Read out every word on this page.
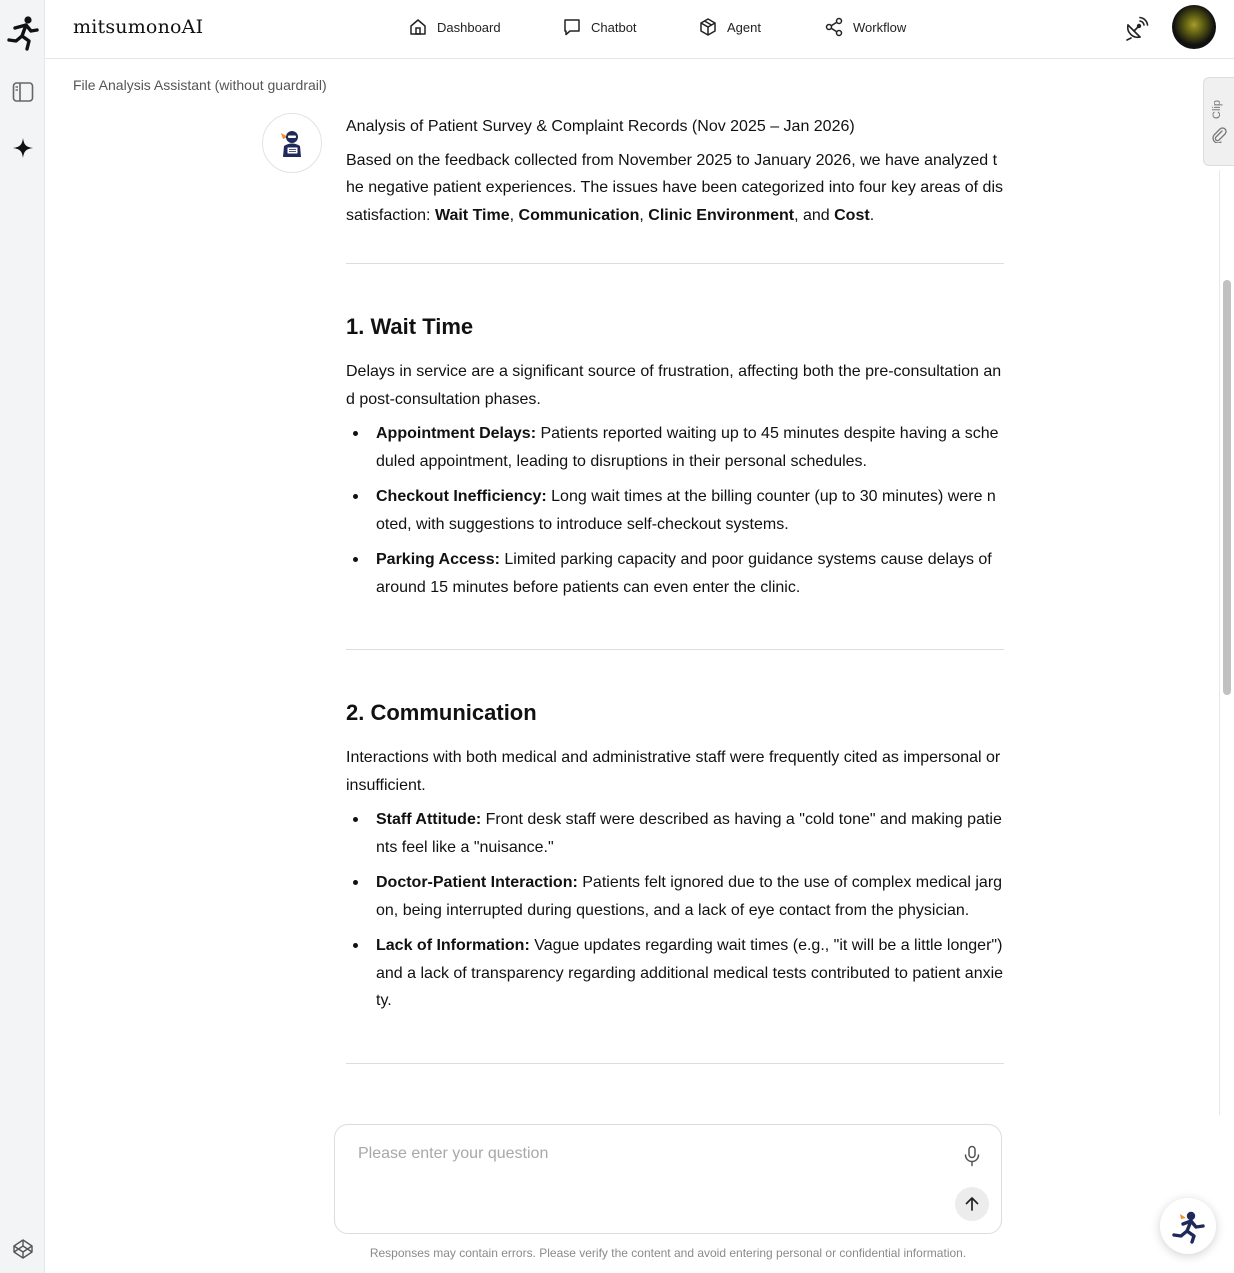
mitsumonoAI	Dashboard	Chatbot	Agent	Workflow
File Analysis Assistant (without guardrail)
Clip

Analysis of Patient Survey & Complaint Records (Nov 2025 – Jan 2026)

Based on the feedback collected from November 2025 to January 2026, we have analyzed the negative patient experiences. The issues have been categorized into four key areas of dissatisfaction: Wait Time, Communication, Clinic Environment, and Cost.

1. Wait Time

Delays in service are a significant source of frustration, affecting both the pre-consultation and post-consultation phases.

Appointment Delays: Patients reported waiting up to 45 minutes despite having a scheduled appointment, leading to disruptions in their personal schedules.
Checkout Inefficiency: Long wait times at the billing counter (up to 30 minutes) were noted, with suggestions to introduce self-checkout systems.
Parking Access: Limited parking capacity and poor guidance systems cause delays of around 15 minutes before patients can even enter the clinic.
2. Communication

Interactions with both medical and administrative staff were frequently cited as impersonal or insufficient.

Staff Attitude: Front desk staff were described as having a "cold tone" and making patients feel like a "nuisance."
Doctor-Patient Interaction: Patients felt ignored due to the use of complex medical jargon, being interrupted during questions, and a lack of eye contact from the physician.
Lack of Information: Vague updates regarding wait times (e.g., "it will be a little longer") and a lack of transparency regarding additional medical tests contributed to patient anxiety.
Please enter your question
Responses may contain errors. Please verify the content and avoid entering personal or confidential information.
